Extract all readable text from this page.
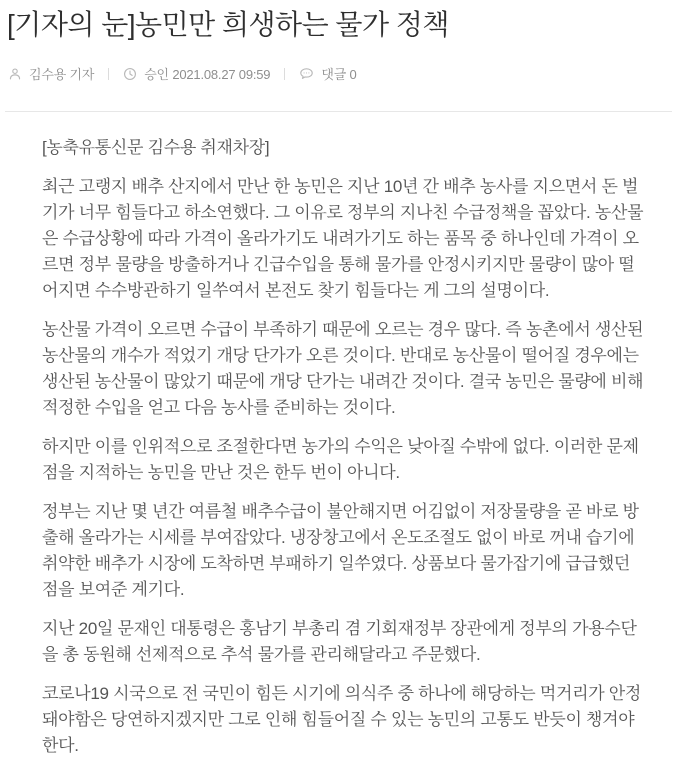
[기자의 눈]농민만 희생하는 물가 정책
김수용 기자	승인 2021.08.27 09:59	댓글 0

[농축유통신문 김수용 취재차장]

최근 고랭지 배추 산지에서 만난 한 농민은 지난 10년 간 배추 농사를 지으면서 돈 벌기가 너무 힘들다고 하소연했다. 그 이유로 정부의 지나친 수급정책을 꼽았다. 농산물은 수급상황에 따라 가격이 올라가기도 내려가기도 하는 품목 중 하나인데 가격이 오르면 정부 물량을 방출하거나 긴급수입을 통해 물가를 안정시키지만 물량이 많아 떨어지면 수수방관하기 일쑤여서 본전도 찾기 힘들다는 게 그의 설명이다.

농산물 가격이 오르면 수급이 부족하기 때문에 오르는 경우 많다. 즉 농촌에서 생산된 농산물의 개수가 적었기 개당 단가가 오른 것이다. 반대로 농산물이 떨어질 경우에는 생산된 농산물이 많았기 때문에 개당 단가는 내려간 것이다. 결국 농민은 물량에 비해 적정한 수입을 얻고 다음 농사를 준비하는 것이다.

하지만 이를 인위적으로 조절한다면 농가의 수익은 낮아질 수밖에 없다. 이러한 문제점을 지적하는 농민을 만난 것은 한두 번이 아니다.

정부는 지난 몇 년간 여름철 배추수급이 불안해지면 어김없이 저장물량을 곧 바로 방출해 올라가는 시세를 부여잡았다. 냉장창고에서 온도조절도 없이 바로 꺼내 습기에 취약한 배추가 시장에 도착하면 부패하기 일쑤였다. 상품보다 물가잡기에 급급했던 점을 보여준 계기다.

지난 20일 문재인 대통령은 홍남기 부총리 겸 기회재정부 장관에게 정부의 가용수단을 총 동원해 선제적으로 추석 물가를 관리해달라고 주문했다.

코로나19 시국으로 전 국민이 힘든 시기에 의식주 중 하나에 해당하는 먹거리가 안정돼야함은 당연하지겠지만 그로 인해 힘들어질 수 있는 농민의 고통도 반듯이 챙겨야 한다.
